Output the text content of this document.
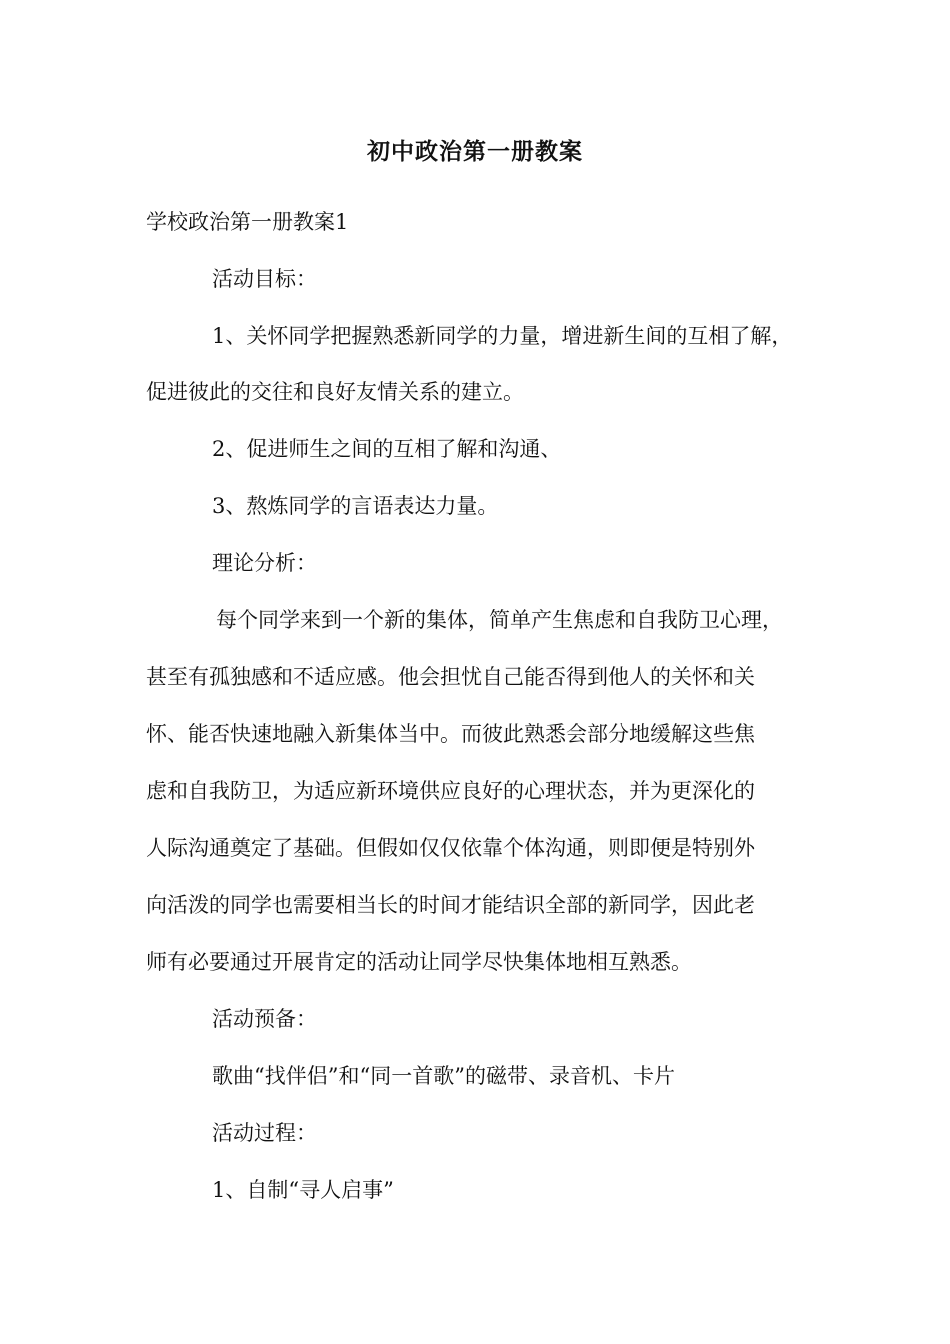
初中政治第一册教案
学校政治第一册教案1
活动目标：
1、关怀同学把握熟悉新同学的力量，增进新生间的互相了解，
促进彼此的交往和良好友情关系的建立。
2、促进师生之间的互相了解和沟通、
3、熬炼同学的言语表达力量。
理论分析：
每个同学来到一个新的集体，简单产生焦虑和自我防卫心理，
甚至有孤独感和不适应感。他会担忧自己能否得到他人的关怀和关
怀、能否快速地融入新集体当中。而彼此熟悉会部分地缓解这些焦
虑和自我防卫，为适应新环境供应良好的心理状态，并为更深化的
人际沟通奠定了基础。但假如仅仅依靠个体沟通，则即便是特别外
向活泼的同学也需要相当长的时间才能结识全部的新同学，因此老
师有必要通过开展肯定的活动让同学尽快集体地相互熟悉。
活动预备：
歌曲“找伴侣”和“同一首歌”的磁带、录音机、卡片
活动过程：
1、自制“寻人启事”
